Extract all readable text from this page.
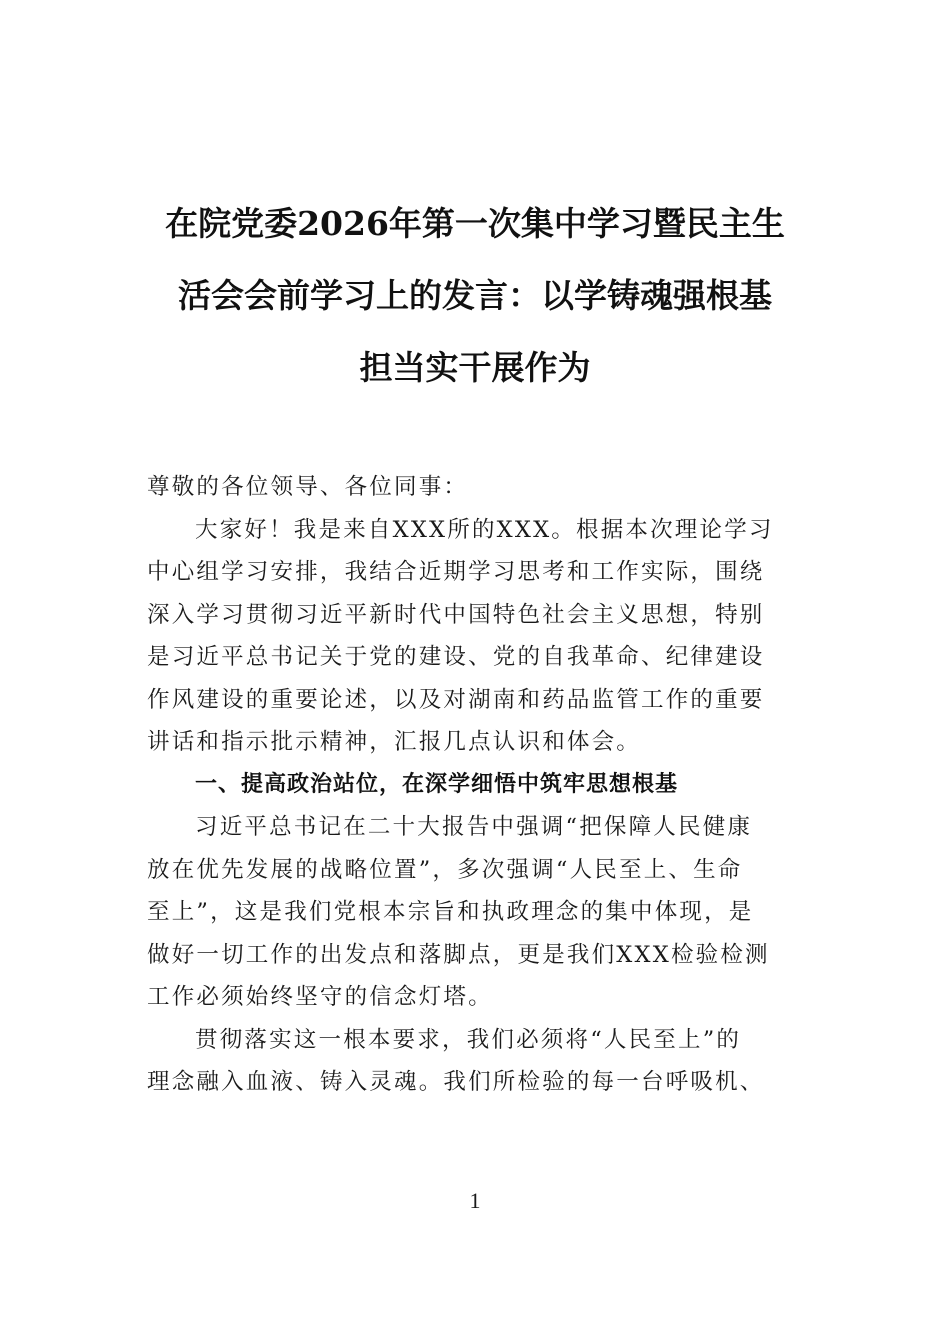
在院党委2026年第一次集中学习暨民主生
活会会前学习上的发言：以学铸魂强根基
担当实干展作为
尊敬的各位领导、各位同事：
大家好！我是来自XXX所的XXX。根据本次理论学习
中心组学习安排，我结合近期学习思考和工作实际，围绕
深入学习贯彻习近平新时代中国特色社会主义思想，特别
是习近平总书记关于党的建设、党的自我革命、纪律建设
作风建设的重要论述，以及对湖南和药品监管工作的重要
讲话和指示批示精神，汇报几点认识和体会。
一、提高政治站位，在深学细悟中筑牢思想根基
习近平总书记在二十大报告中强调“把保障人民健康
放在优先发展的战略位置”，多次强调“人民至上、生命
至上”，这是我们党根本宗旨和执政理念的集中体现，是
做好一切工作的出发点和落脚点，更是我们XXX检验检测
工作必须始终坚守的信念灯塔。
贯彻落实这一根本要求，我们必须将“人民至上”的
理念融入血液、铸入灵魂。我们所检验的每一台呼吸机、
1
